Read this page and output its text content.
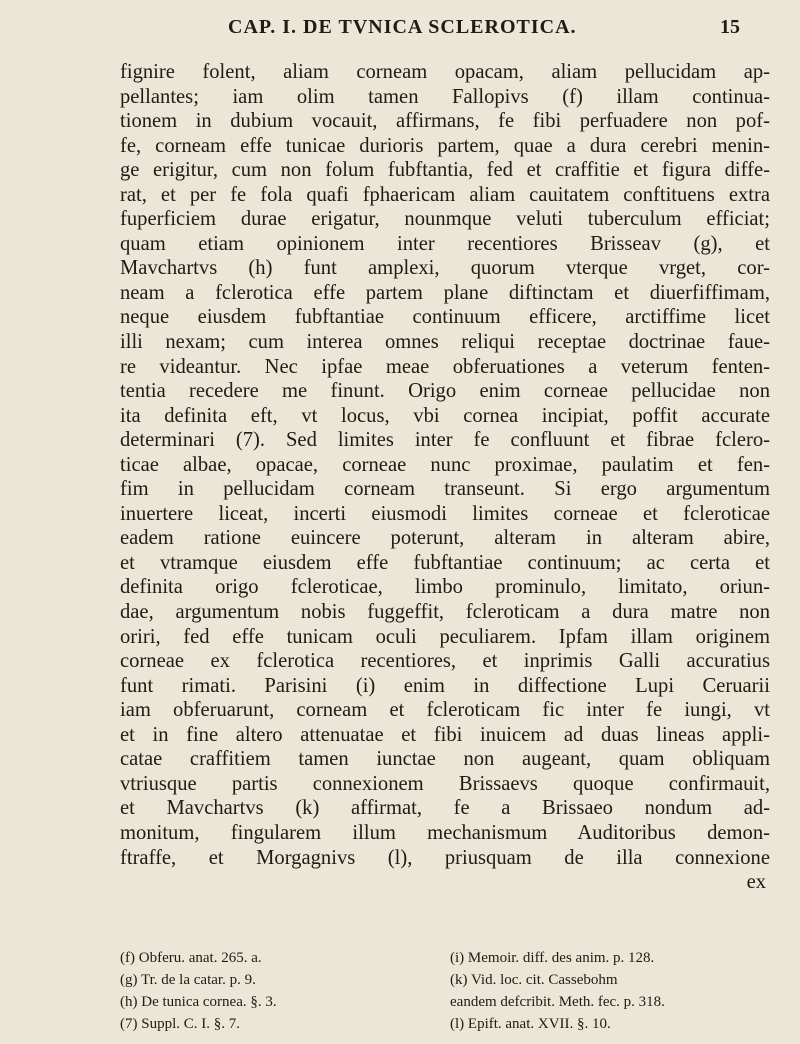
CAP. I. DE TVNICA SCLEROTICA.	15
fignire folent, aliam corneam opacam, aliam pellucidam ap-
pellantes; iam olim tamen Fallopivs (f) illam continua-
tionem in dubium vocauit, affirmans, fe fibi perfuadere non pof-
fe, corneam effe tunicae durioris partem, quae a dura cerebri menin-
ge erigitur, cum non folum fubftantia, fed et craffitie et figura diffe-
rat, et per fe fola quafi fphaericam aliam cauitatem conftituens extra
fuperficiem durae erigatur, nounmque veluti tuberculum efficiat;
quam etiam opinionem inter recentiores Brisseav (g), et
Mavchartvs (h) funt amplexi, quorum vterque vrget, cor-
neam a fclerotica effe partem plane diftinctam et diuerfiffimam,
neque eiusdem fubftantiae continuum efficere, arctiffime licet
illi nexam; cum interea omnes reliqui receptae doctrinae faue-
re videantur. Nec ipfae meae obferuationes a veterum fenten-
tentia recedere me finunt. Origo enim corneae pellucidae non
ita definita eft, vt locus, vbi cornea incipiat, poffit accurate
determinari (7). Sed limites inter fe confluunt et fibrae fclero-
ticae albae, opacae, corneae nunc proximae, paulatim et fen-
fim in pellucidam corneam transeunt. Si ergo argumentum
inuertere liceat, incerti eiusmodi limites corneae et fcleroticae
eadem ratione euincere poterunt, alteram in alteram abire,
et vtramque eiusdem effe fubftantiae continuum; ac certa et
definita origo fcleroticae, limbo prominulo, limitato, oriun-
dae, argumentum nobis fuggeffit, fcleroticam a dura matre non
oriri, fed effe tunicam oculi peculiarem. Ipfam illam originem
corneae ex fclerotica recentiores, et inprimis Galli accuratius
funt rimati. Parisini (i) enim in diffectione Lupi Ceruarii
iam obferuarunt, corneam et fcleroticam fic inter fe iungi, vt
et in fine altero attenuatae et fibi inuicem ad duas lineas appli-
catae craffitiem tamen iunctae non augeant, quam obliquam
vtriusque partis connexionem Brissaevs quoque confirmauit,
et Mavchartvs (k) affirmat, fe a Brissaeo nondum ad-
monitum, fingularem illum mechanismum Auditoribus demon-
ftraffe, et Morgagnivs (l), priusquam de illa connexione
ex
(f) Obferu. anat. 265. a.	(i) Memoir. diff. des anim. p. 128.
(g) Tr. de la catar. p. 9.	(k) Vid. loc. cit. Cassebohm
(h) De tunica cornea. §. 3.	eandem defcribit. Meth. fec. p. 318.
(7) Suppl. C. I. §. 7.	(l) Epift. anat. XVII. §. 10.
